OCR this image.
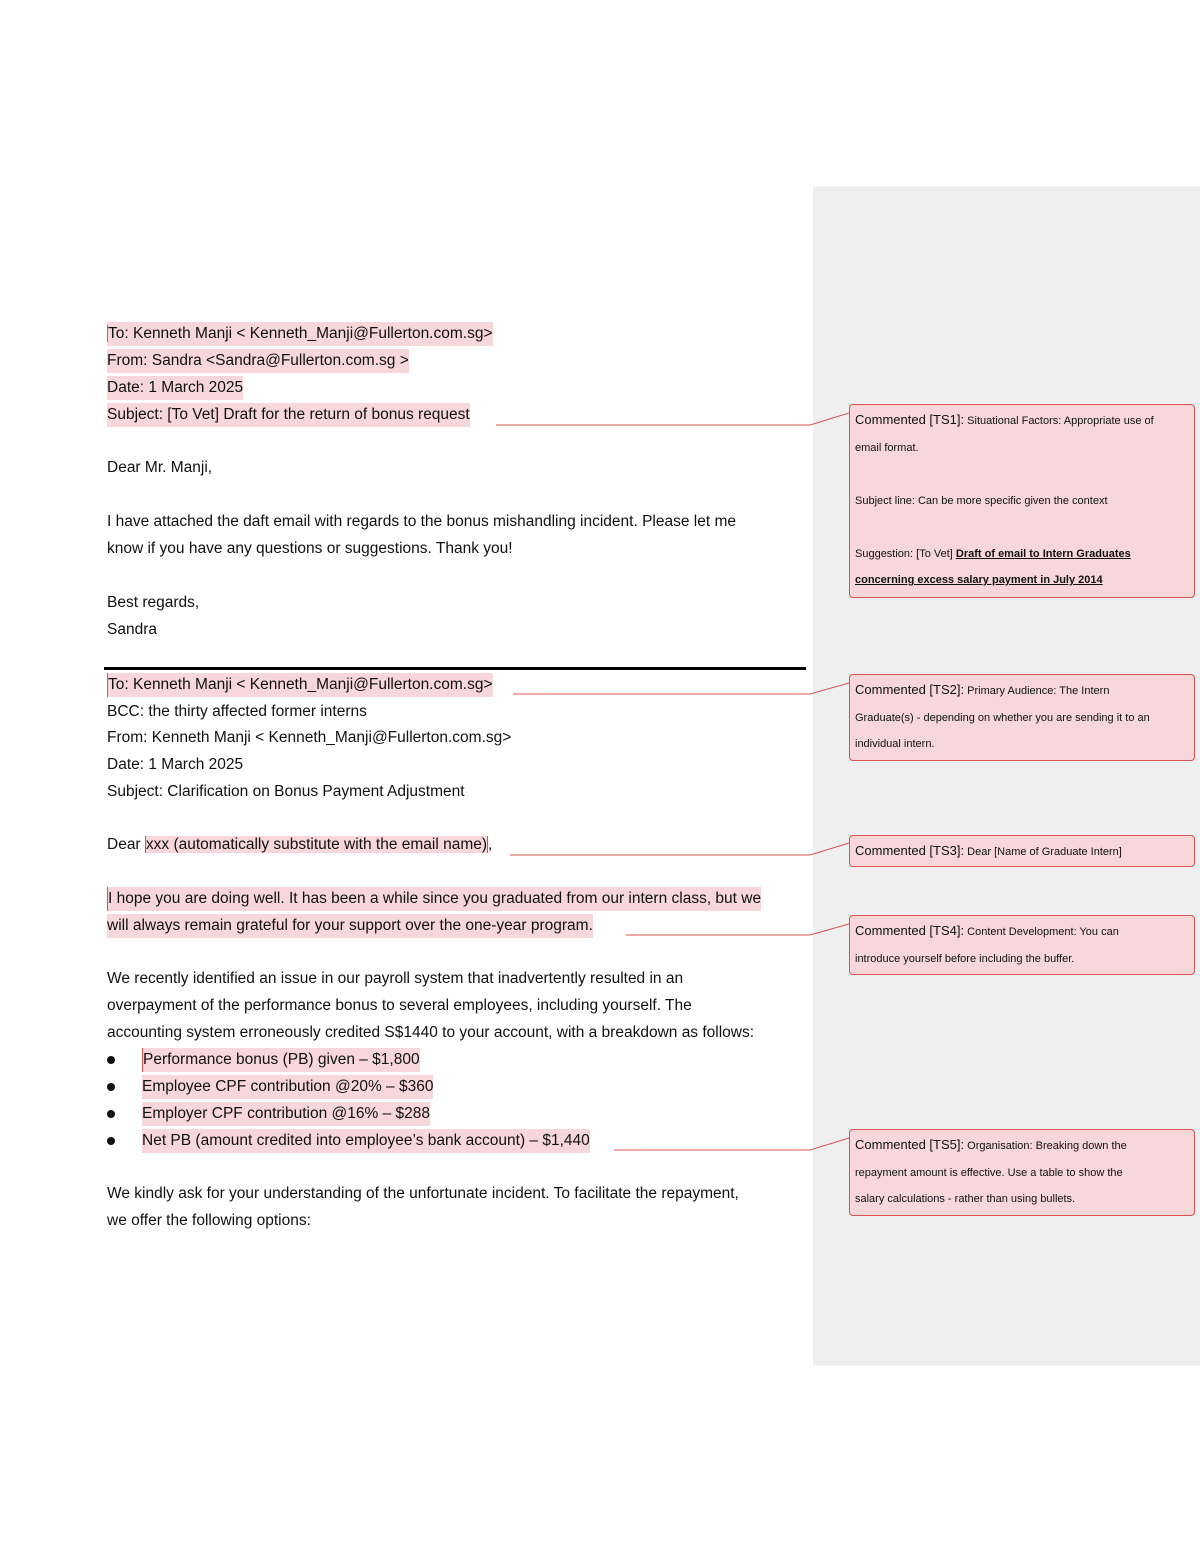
To: Kenneth Manji < Kenneth_Manji@Fullerton.com.sg>
From: Sandra <Sandra@Fullerton.com.sg >
Date: 1 March 2025
Subject: [To Vet] Draft for the return of bonus request
Dear Mr. Manji,
I have attached the daft email with regards to the bonus mishandling incident. Please let me
know if you have any questions or suggestions. Thank you!
Best regards,
Sandra
To: Kenneth Manji < Kenneth_Manji@Fullerton.com.sg>
BCC: the thirty affected former interns
From: Kenneth Manji < Kenneth_Manji@Fullerton.com.sg>
Date: 1 March 2025
Subject: Clarification on Bonus Payment Adjustment
Dear xxx (automatically substitute with the email name),
I hope you are doing well. It has been a while since you graduated from our intern class, but we
will always remain grateful for your support over the one-year program.
We recently identified an issue in our payroll system that inadvertently resulted in an
overpayment of the performance bonus to several employees, including yourself. The
accounting system erroneously credited S$1440 to your account, with a breakdown as follows:
Performance bonus (PB) given – $1,800
Employee CPF contribution @20% – $360
Employer CPF contribution @16% – $288
Net PB (amount credited into employee’s bank account) – $1,440
We kindly ask for your understanding of the unfortunate incident. To facilitate the repayment,
we offer the following options:
Commented [TS1]: Situational Factors: Appropriate use of
email format.
Subject line: Can be more specific given the context
Suggestion: [To Vet] Draft of email to Intern Graduates
concerning excess salary payment in July 2014
Commented [TS2]: Primary Audience: The Intern
Graduate(s) - depending on whether you are sending it to an
individual intern.
Commented [TS3]: Dear [Name of Graduate Intern]
Commented [TS4]: Content Development: You can
introduce yourself before including the buffer.
Commented [TS5]: Organisation: Breaking down the
repayment amount is effective. Use a table to show the
salary calculations - rather than using bullets.
